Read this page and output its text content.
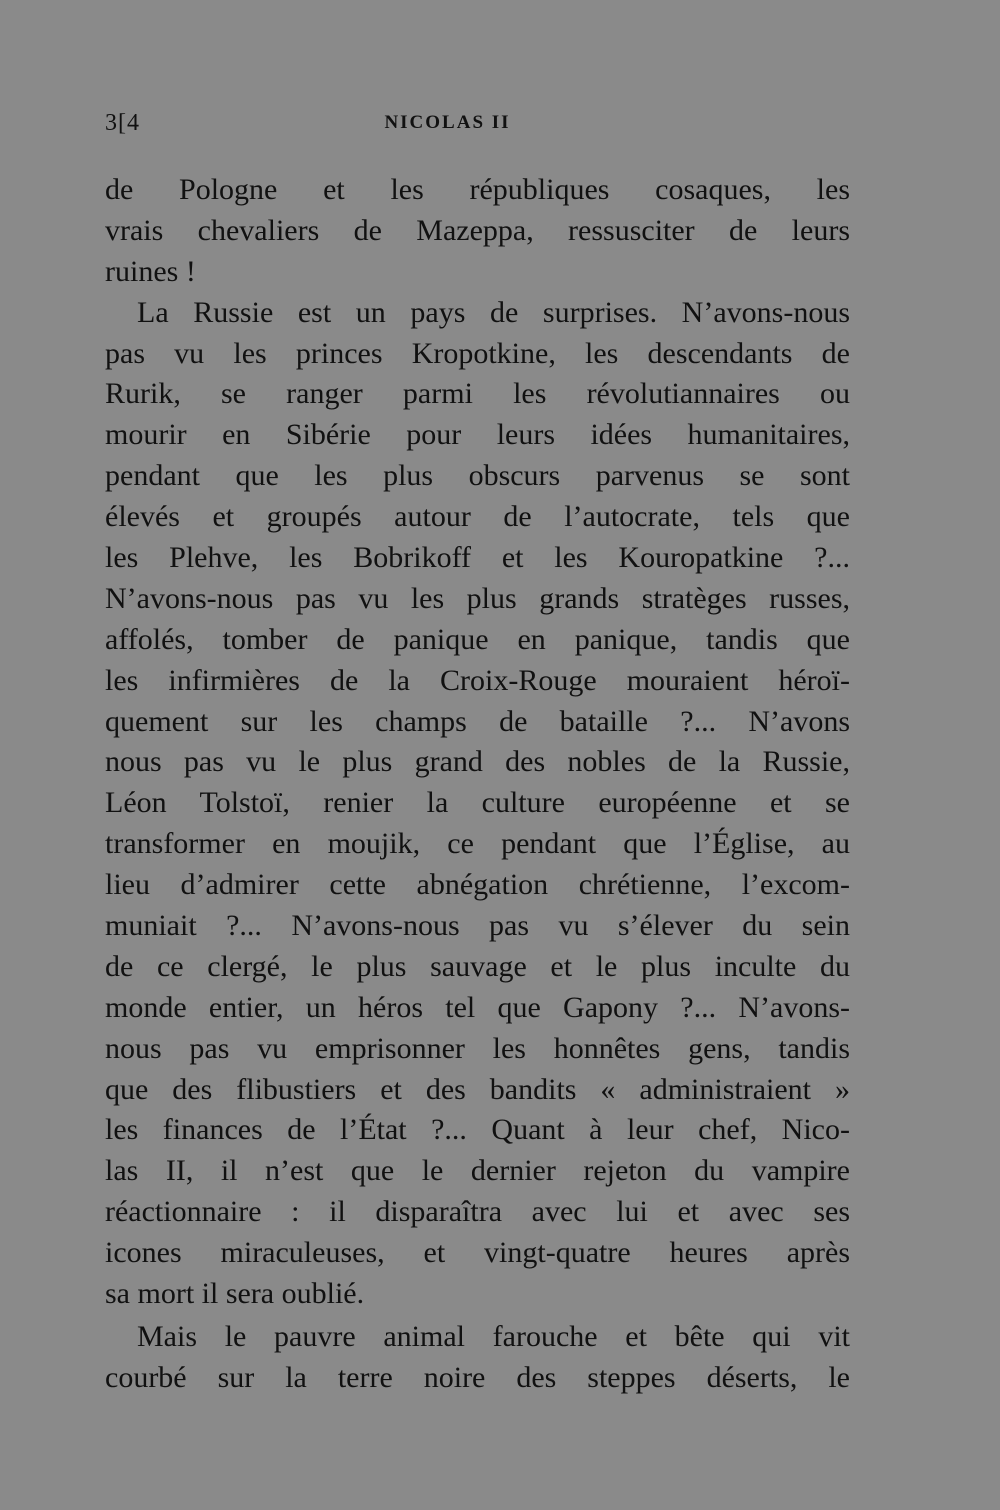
3[4	NICOLAS II
de Pologne et les républiques cosaques, les
vrais chevaliers de Mazeppa, ressusciter de leurs
ruines !
La Russie est un pays de surprises. N’avons-nous
pas vu les princes Kropotkine, les descendants de
Rurik, se ranger parmi les révolutiannaires ou
mourir en Sibérie pour leurs idées humanitaires,
pendant que les plus obscurs parvenus se sont
élevés et groupés autour de l’autocrate, tels que
les Plehve, les Bobrikoff et les Kouropatkine ?...
N’avons-nous pas vu les plus grands stratèges russes,
affolés, tomber de panique en panique, tandis que
les infirmières de la Croix-Rouge mouraient héroï-
quement sur les champs de bataille ?... N’avons
nous pas vu le plus grand des nobles de la Russie,
Léon Tolstoï, renier la culture européenne et se
transformer en moujik, ce pendant que l’Église, au
lieu d’admirer cette abnégation chrétienne, l’excom-
muniait ?... N’avons-nous pas vu s’élever du sein
de ce clergé, le plus sauvage et le plus inculte du
monde entier, un héros tel que Gapony ?... N’avons-
nous pas vu emprisonner les honnêtes gens, tandis
que des flibustiers et des bandits « administraient »
les finances de l’État ?... Quant à leur chef, Nico-
las II, il n’est que le dernier rejeton du vampire
réactionnaire : il disparaîtra avec lui et avec ses
icones miraculeuses, et vingt-quatre heures après
sa mort il sera oublié.
Mais le pauvre animal farouche et bête qui vit
courbé sur la terre noire des steppes déserts, le
